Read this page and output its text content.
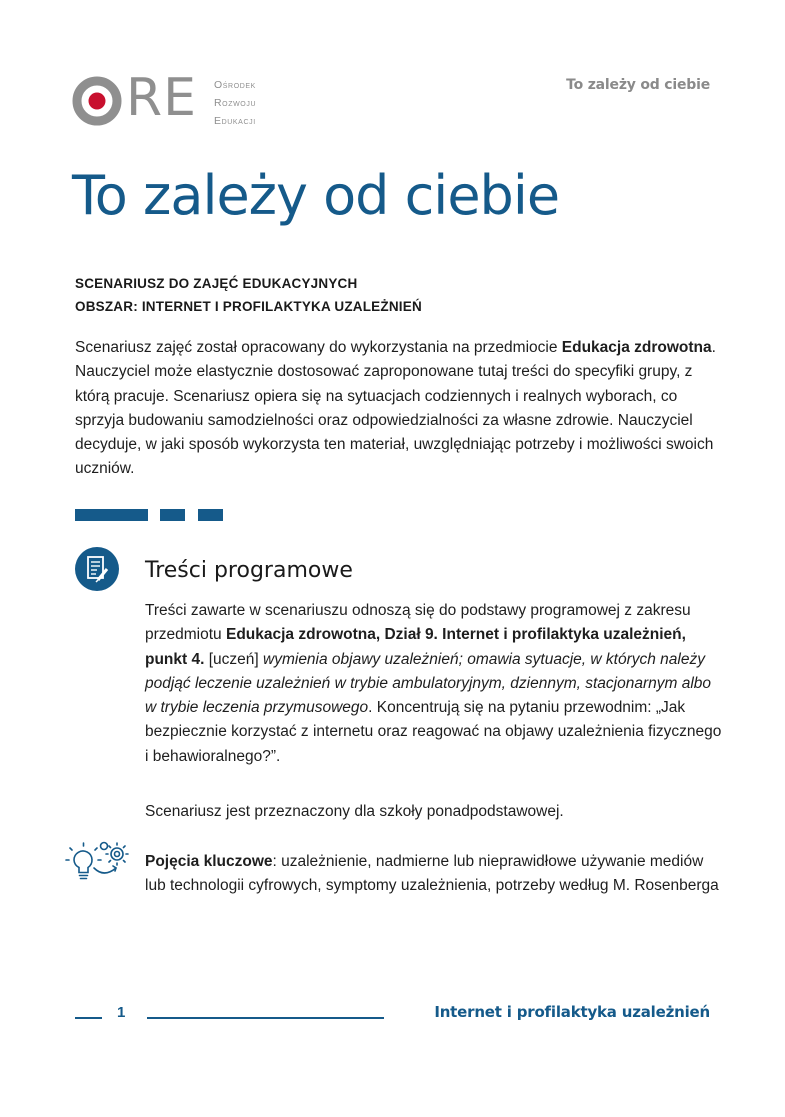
RE Ośrodek
Rozwoju
Edukacji
To zależy od ciebie
To zależy od ciebie
SCENARIUSZ DO ZAJĘĆ EDUKACYJNYCH
OBSZAR: INTERNET I PROFILAKTYKA UZALEŻNIEŃ

Scenariusz zajęć został opracowany do wykorzystania na przedmiocie Edukacja zdrowotna. Nauczyciel może elastycznie dostosować zaproponowane tutaj treści do specyfiki grupy, z którą pracuje. Scenariusz opiera się na sytuacjach codziennych i realnych wyborach, co sprzyja budowaniu samodzielności oraz odpowiedzialności za własne zdrowie. Nauczyciel decyduje, w jaki sposób wykorzysta ten materiał, uwzględniając potrzeby i możliwości swoich uczniów.

Treści programowe

Treści zawarte w scenariuszu odnoszą się do podstawy programowej z zakresu przedmiotu Edukacja zdrowotna, Dział 9. Internet i profilaktyka uzależnień, punkt 4. [uczeń] wymienia objawy uzależnień; omawia sytuacje, w których należy podjąć leczenie uzależnień w trybie ambulatoryjnym, dziennym, stacjonarnym albo w trybie leczenia przymusowego. Koncentrują się na pytaniu przewodnim: „Jak bezpiecznie korzystać z internetu oraz reagować na objawy uzależnienia fizycznego i behawioralnego?”.

Scenariusz jest przeznaczony dla szkoły ponadpodstawowej.

Pojęcia kluczowe: uzależnienie, nadmierne lub nieprawidłowe używanie mediów lub technologii cyfrowych, symptomy uzależnienia, potrzeby według M. Rosenberga

1	Internet i profilaktyka uzależnień
